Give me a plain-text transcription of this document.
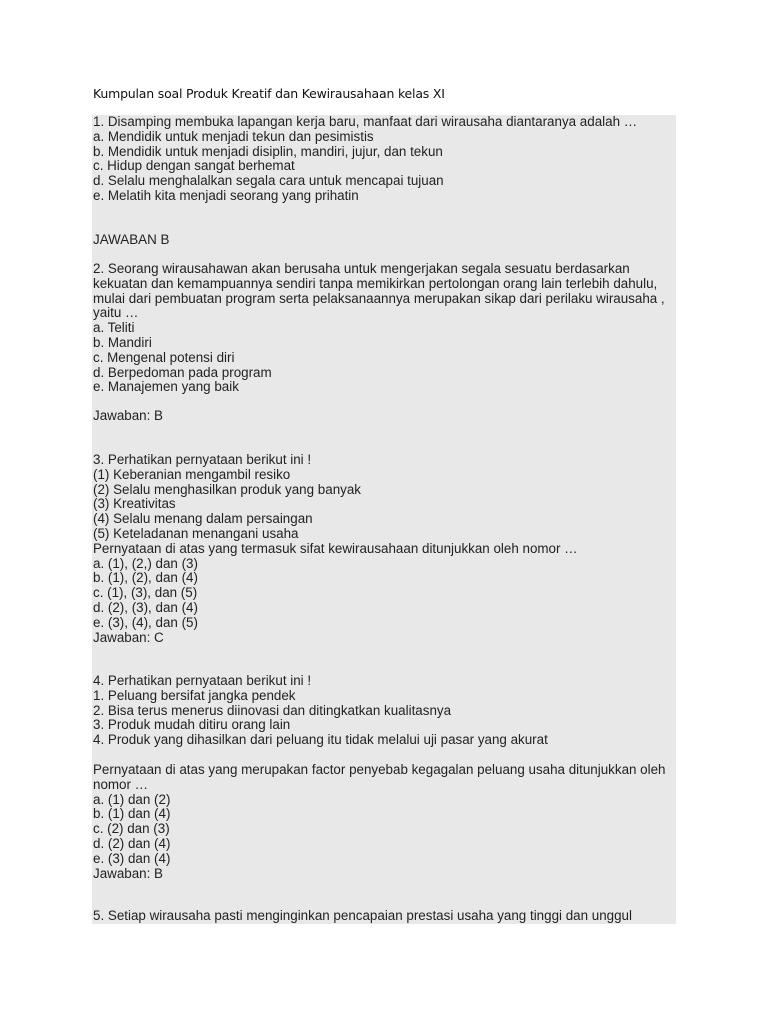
Kumpulan soal Produk Kreatif dan Kewirausahaan kelas XI
1. Disamping membuka lapangan kerja baru, manfaat dari wirausaha diantaranya adalah …
a. Mendidik untuk menjadi tekun dan pesimistis
b. Mendidik untuk menjadi disiplin, mandiri, jujur, dan tekun
c. Hidup dengan sangat berhemat
d. Selalu menghalalkan segala cara untuk mencapai tujuan
e. Melatih kita menjadi seorang yang prihatin
JAWABAN B
2. Seorang wirausahawan akan berusaha untuk mengerjakan segala sesuatu berdasarkan
kekuatan dan kemampuannya sendiri tanpa memikirkan pertolongan orang lain terlebih dahulu,
mulai dari pembuatan program serta pelaksanaannya merupakan sikap dari perilaku wirausaha ,
yaitu …
a. Teliti
b. Mandiri
c. Mengenal potensi diri
d. Berpedoman pada program
e. Manajemen yang baik
Jawaban: B
3. Perhatikan pernyataan berikut ini !
(1) Keberanian mengambil resiko
(2) Selalu menghasilkan produk yang banyak
(3) Kreativitas
(4) Selalu menang dalam persaingan
(5) Keteladanan menangani usaha
Pernyataan di atas yang termasuk sifat kewirausahaan ditunjukkan oleh nomor …
a. (1), (2,) dan (3)
b. (1), (2), dan (4)
c. (1), (3), dan (5)
d. (2), (3), dan (4)
e. (3), (4), dan (5)
Jawaban: C
4. Perhatikan pernyataan berikut ini !
1. Peluang bersifat jangka pendek
2. Bisa terus menerus diinovasi dan ditingkatkan kualitasnya
3. Produk mudah ditiru orang lain
4. Produk yang dihasilkan dari peluang itu tidak melalui uji pasar yang akurat
Pernyataan di atas yang merupakan factor penyebab kegagalan peluang usaha ditunjukkan oleh
nomor …
a. (1) dan (2)
b. (1) dan (4)
c. (2) dan (3)
d. (2) dan (4)
e. (3) dan (4)
Jawaban: B
5. Setiap wirausaha pasti menginginkan pencapaian prestasi usaha yang tinggi dan unggul
